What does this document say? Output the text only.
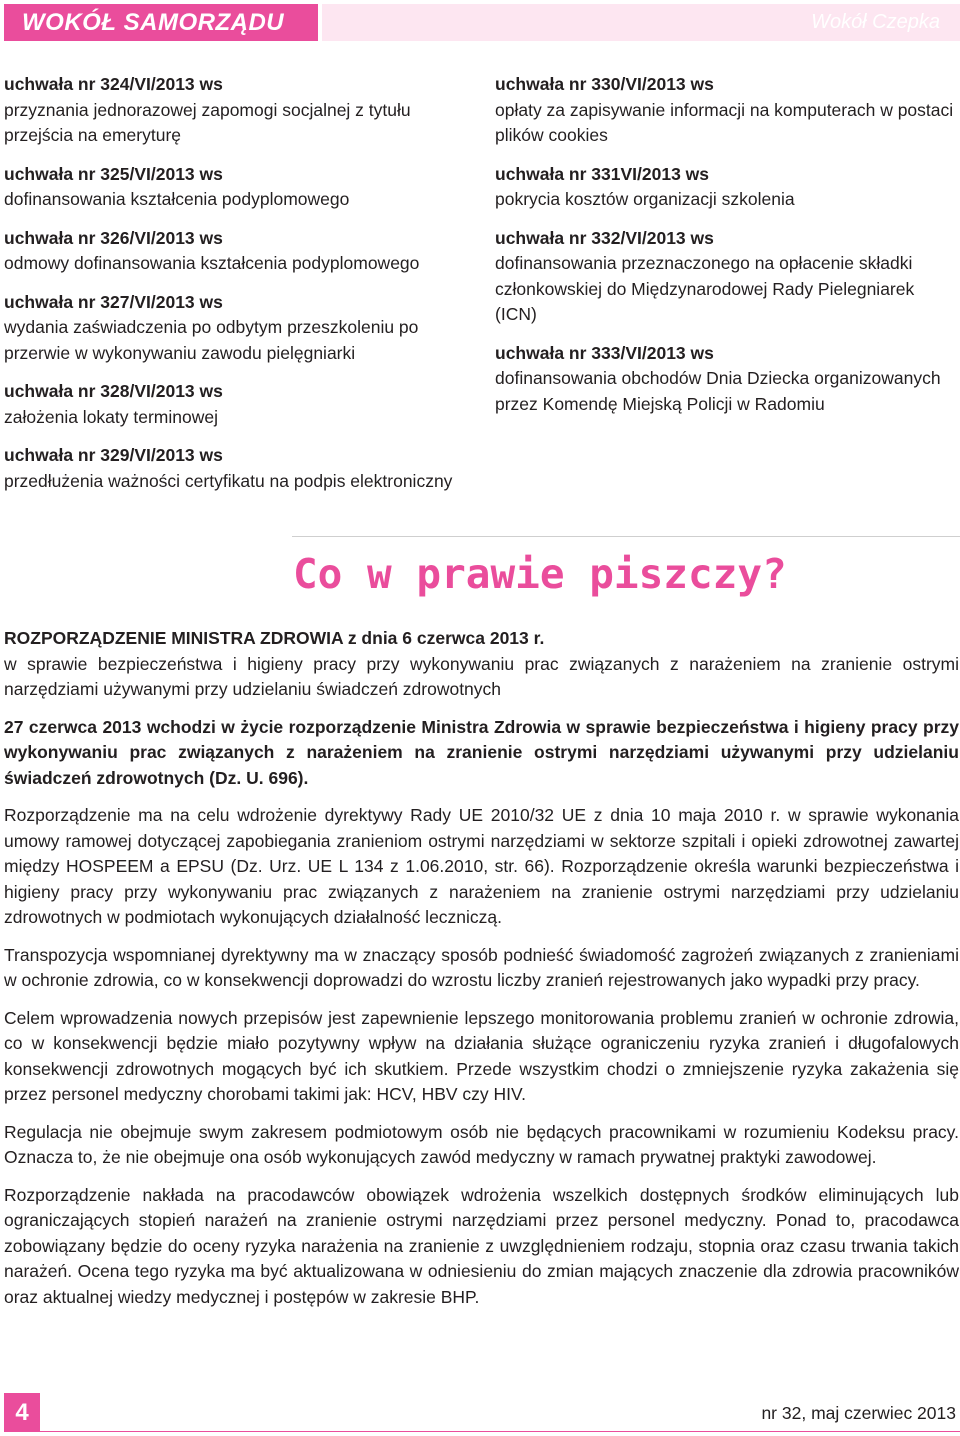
WOKÓŁ SAMORZĄDU	Wokół Czepka
uchwała nr 324/VI/2013 ws
przyznania jednorazowej zapomogi socjalnej z tytułu przejścia na emeryturę
uchwała nr 325/VI/2013 ws
dofinansowania kształcenia podyplomowego
uchwała nr 326/VI/2013 ws
odmowy dofinansowania kształcenia podyplomowego
uchwała nr 327/VI/2013 ws
wydania zaświadczenia po odbytym przeszkoleniu po przerwie w wykonywaniu zawodu pielęgniarki
uchwała nr 328/VI/2013 ws
założenia lokaty terminowej
uchwała nr 329/VI/2013 ws
przedłużenia ważności certyfikatu na podpis elektroniczny
uchwała nr 330/VI/2013 ws
opłaty za zapisywanie informacji na komputerach w postaci plików cookies
uchwała nr 331VI/2013 ws
pokrycia kosztów organizacji szkolenia
uchwała nr 332/VI/2013 ws
dofinansowania przeznaczonego na opłacenie składki członkowskiej do Międzynarodowej Rady Pielegniarek (ICN)
uchwała nr 333/VI/2013 ws
dofinansowania obchodów Dnia Dziecka organizowanych przez Komendę Miejską Policji w Radomiu
Co w prawie piszczy?

ROZPORZĄDZENIE MINISTRA ZDROWIA z dnia 6 czerwca 2013 r.

w sprawie bezpieczeństwa i higieny pracy przy wykonywaniu prac związanych z narażeniem na zranienie ostrymi narzędziami używanymi przy udzielaniu świadczeń zdrowotnych

27 czerwca 2013 wchodzi w życie rozporządzenie Ministra Zdrowia w sprawie bezpieczeństwa i higieny pracy przy wykonywaniu prac związanych z narażeniem na zranienie ostrymi narzędziami używanymi przy udzielaniu świadczeń zdrowotnych (Dz. U. 696).

Rozporządzenie ma na celu wdrożenie dyrektywy Rady UE 2010/32 UE z dnia 10 maja 2010 r. w sprawie wykonania umowy ramowej dotyczącej zapobiegania zranieniom ostrymi narzędziami w sektorze szpitali i opieki zdrowotnej zawartej między HOSPEEM a EPSU (Dz. Urz. UE L 134 z 1.06.2010, str. 66). Rozporządzenie określa warunki bezpieczeństwa i higieny pracy przy wykonywaniu prac związanych z narażeniem na zranienie ostrymi narzędziami przy udzielaniu zdrowotnych w podmiotach wykonujących działalność leczniczą.

Transpozycja wspomnianej dyrektywny ma w znaczący sposób podnieść świadomość zagrożeń związanych z zranieniami w ochronie zdrowia, co w konsekwencji doprowadzi do wzrostu liczby zranień rejestrowanych jako wypadki przy pracy.

Celem wprowadzenia nowych przepisów jest zapewnienie lepszego monitorowania problemu zranień w ochronie zdrowia, co w konsekwencji będzie miało pozytywny wpływ na działania służące ograniczeniu ryzyka zranień i długofalowych konsekwencji zdrowotnych mogących być ich skutkiem. Przede wszystkim chodzi o zmniejszenie ryzyka zakażenia się przez personel medyczny chorobami takimi jak: HCV, HBV czy HIV.

Regulacja nie obejmuje swym zakresem podmiotowym osób nie będących pracownikami w rozumieniu Kodeksu pracy. Oznacza to, że nie obejmuje ona osób wykonujących zawód medyczny w ramach prywatnej praktyki zawodowej.

Rozporządzenie nakłada na pracodawców obowiązek wdrożenia wszelkich dostępnych środków eliminujących lub ograniczających stopień narażeń na zranienie ostrymi narzędziami przez personel medyczny. Ponad to, pracodawca zobowiązany będzie do oceny ryzyka narażenia na zranienie z uwzględnieniem rodzaju, stopnia oraz czasu trwania takich narażeń. Ocena tego ryzyka ma być aktualizowana w odniesieniu do zmian mających znaczenie dla zdrowia pracowników oraz aktualnej wiedzy medycznej i postępów w zakresie BHP.

4	nr 32, maj czerwiec 2013
